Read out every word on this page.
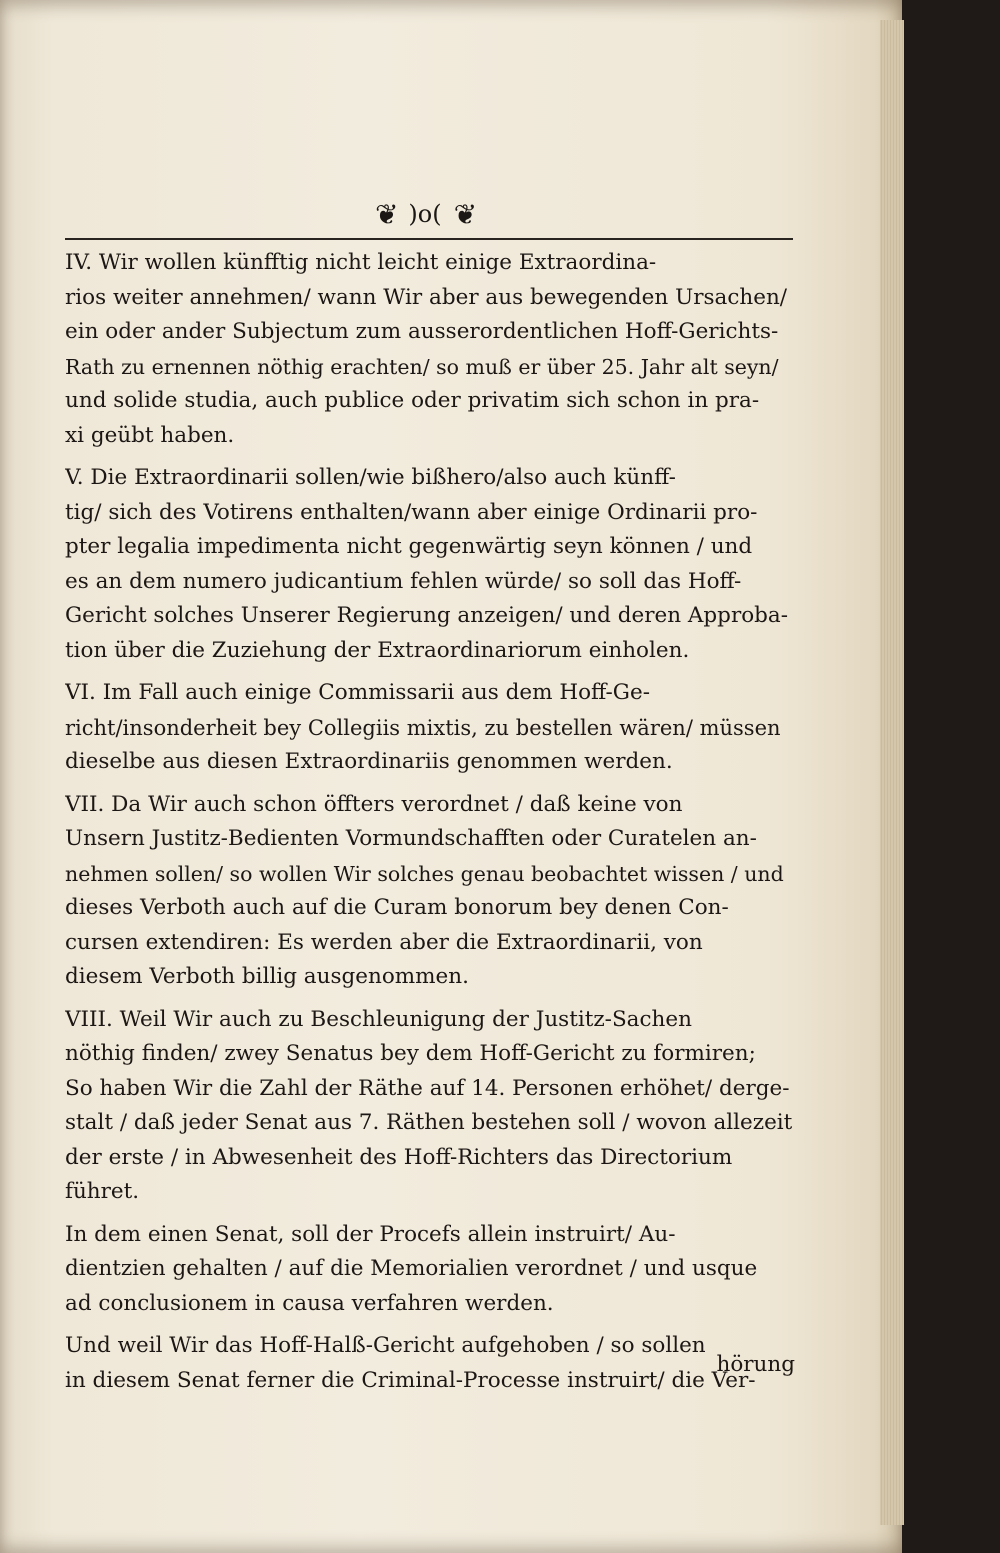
❦ )o( ❦
IV. Wir wollen künfftig nicht leicht einige Extraordina-
rios weiter annehmen/ wann Wir aber aus bewegenden Ursachen/
ein oder ander Subjectum zum ausserordentlichen Hoff-Gerichts-
Rath zu ernennen nöthig erachten/ so muß er über 25. Jahr alt seyn/
und solide studia, auch publice oder privatim sich schon in pra-
xi geübt haben.
V. Die Extraordinarii sollen/wie bißhero/also auch künff-
tig/ sich des Votirens enthalten/wann aber einige Ordinarii pro-
pter legalia impedimenta nicht gegenwärtig seyn können / und
es an dem numero judicantium fehlen würde/ so soll das Hoff-
Gericht solches Unserer Regierung anzeigen/ und deren Approba-
tion über die Zuziehung der Extraordinariorum einholen.
VI. Im Fall auch einige Commissarii aus dem Hoff-Ge-
richt/insonderheit bey Collegiis mixtis, zu bestellen wären/ müssen
dieselbe aus diesen Extraordinariis genommen werden.
VII. Da Wir auch schon öffters verordnet / daß keine von
Unsern Justitz-Bedienten Vormundschafften oder Curatelen an-
nehmen sollen/ so wollen Wir solches genau beobachtet wissen / und
dieses Verboth auch auf die Curam bonorum bey denen Con-
cursen extendiren: Es werden aber die Extraordinarii, von
diesem Verboth billig ausgenommen.
VIII. Weil Wir auch zu Beschleunigung der Justitz-Sachen
nöthig finden/ zwey Senatus bey dem Hoff-Gericht zu formiren;
So haben Wir die Zahl der Räthe auf 14. Personen erhöhet/ derge-
stalt / daß jeder Senat aus 7. Räthen bestehen soll / wovon allezeit
der erste / in Abwesenheit des Hoff-Richters das Directorium
führet.
In dem einen Senat, soll der Procefs allein instruirt/ Au-
dientzien gehalten / auf die Memorialien verordnet / und usque
ad conclusionem in causa verfahren werden.
Und weil Wir das Hoff-Halß-Gericht aufgehoben / so sollen
in diesem Senat ferner die Criminal-Processe instruirt/ die Ver-
hörung
